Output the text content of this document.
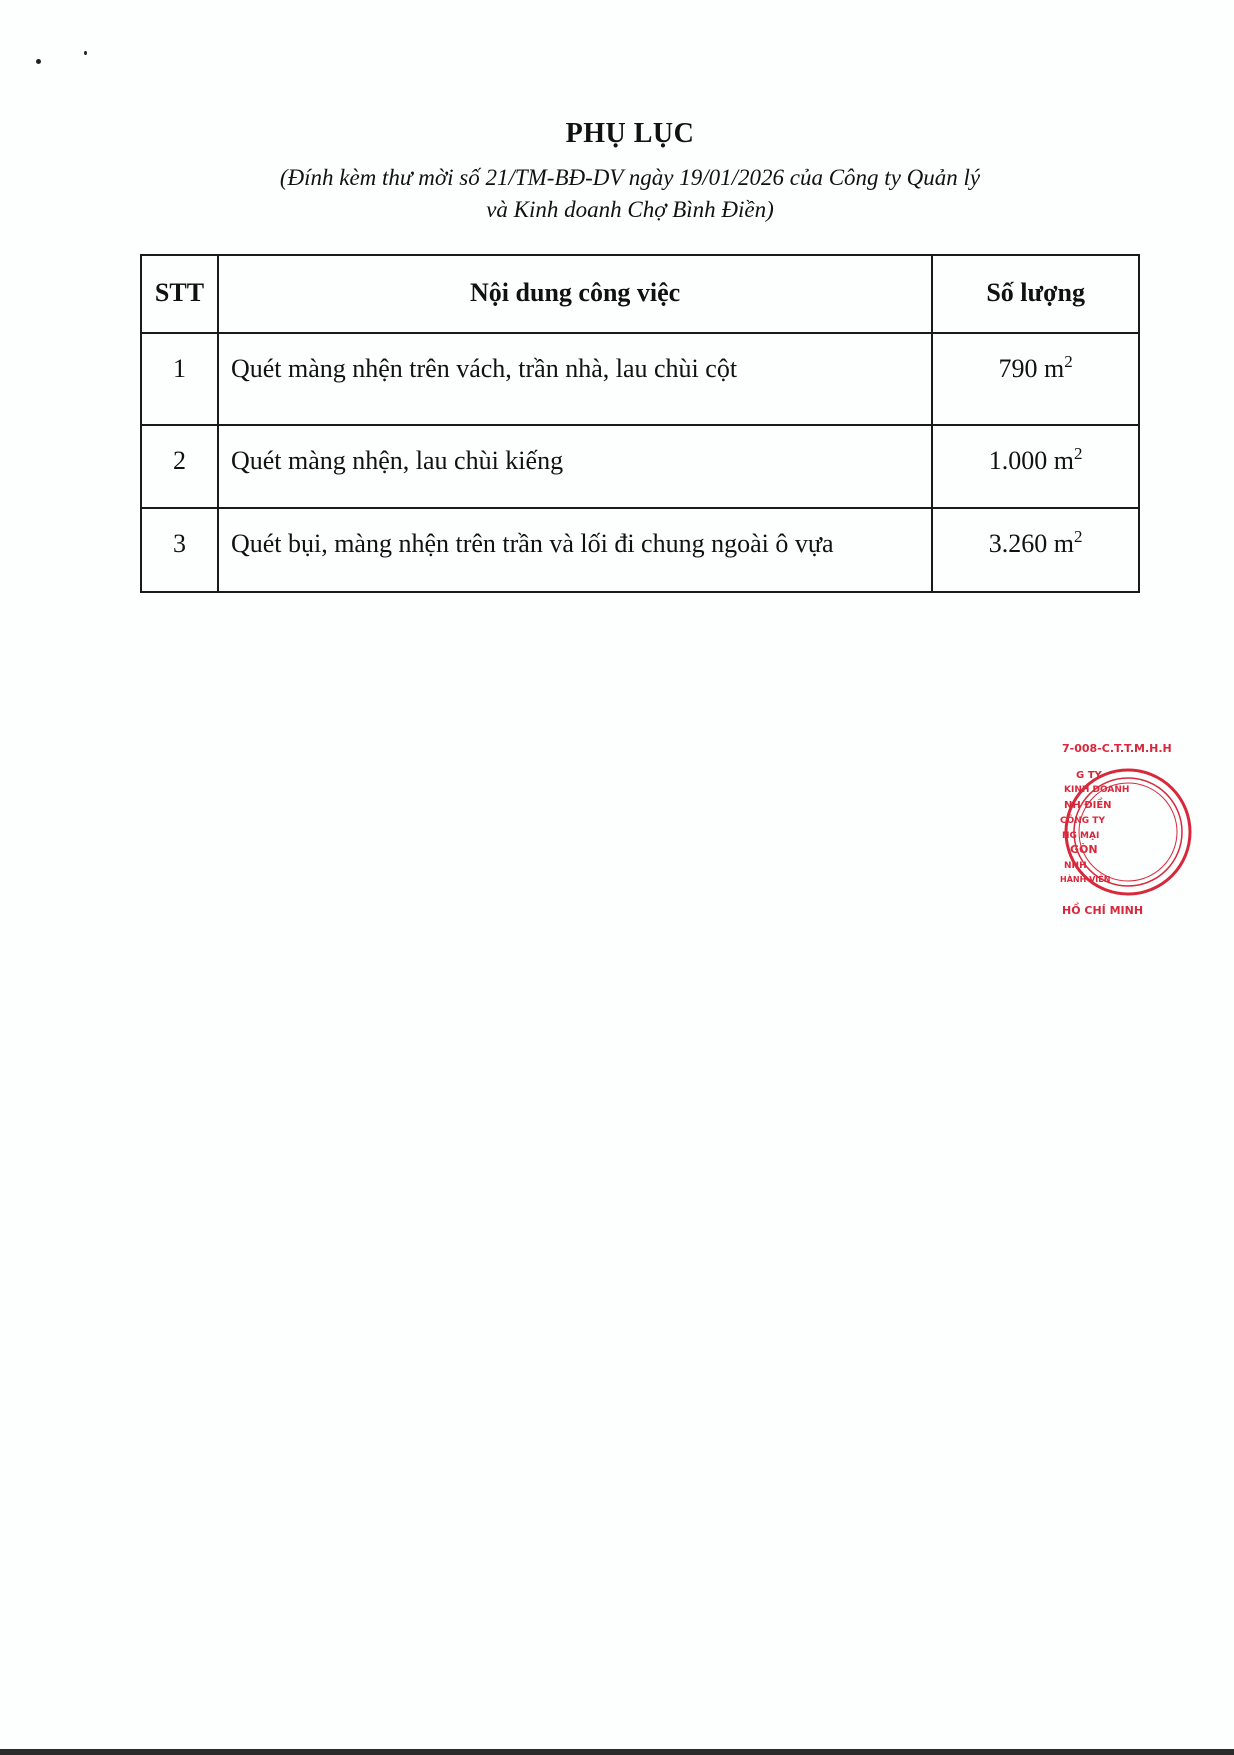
PHỤ LỤC
(Đính kèm thư mời số 21/TM-BĐ-DV ngày 19/01/2026 của Công ty Quản lý
và Kinh doanh Chợ Bình Điền)
STT	Nội dung công việc	Số lượng
1	Quét màng nhện trên vách, trần nhà, lau chùi cột	790 $m^2$
2	Quét màng nhện, lau chùi kiếng	1.000 $m^2$
3	Quét bụi, màng nhện trên trần và lối đi chung ngoài ô vựa	3.260 $m^2$
7-008-C.T.T.M.H.H
G TY
KINH DOANH
NH ĐIỀN
CÔNG TY
NG MẠI
GÒN
NHH
HÀNH VIÊN
HỒ CHÍ MINH
